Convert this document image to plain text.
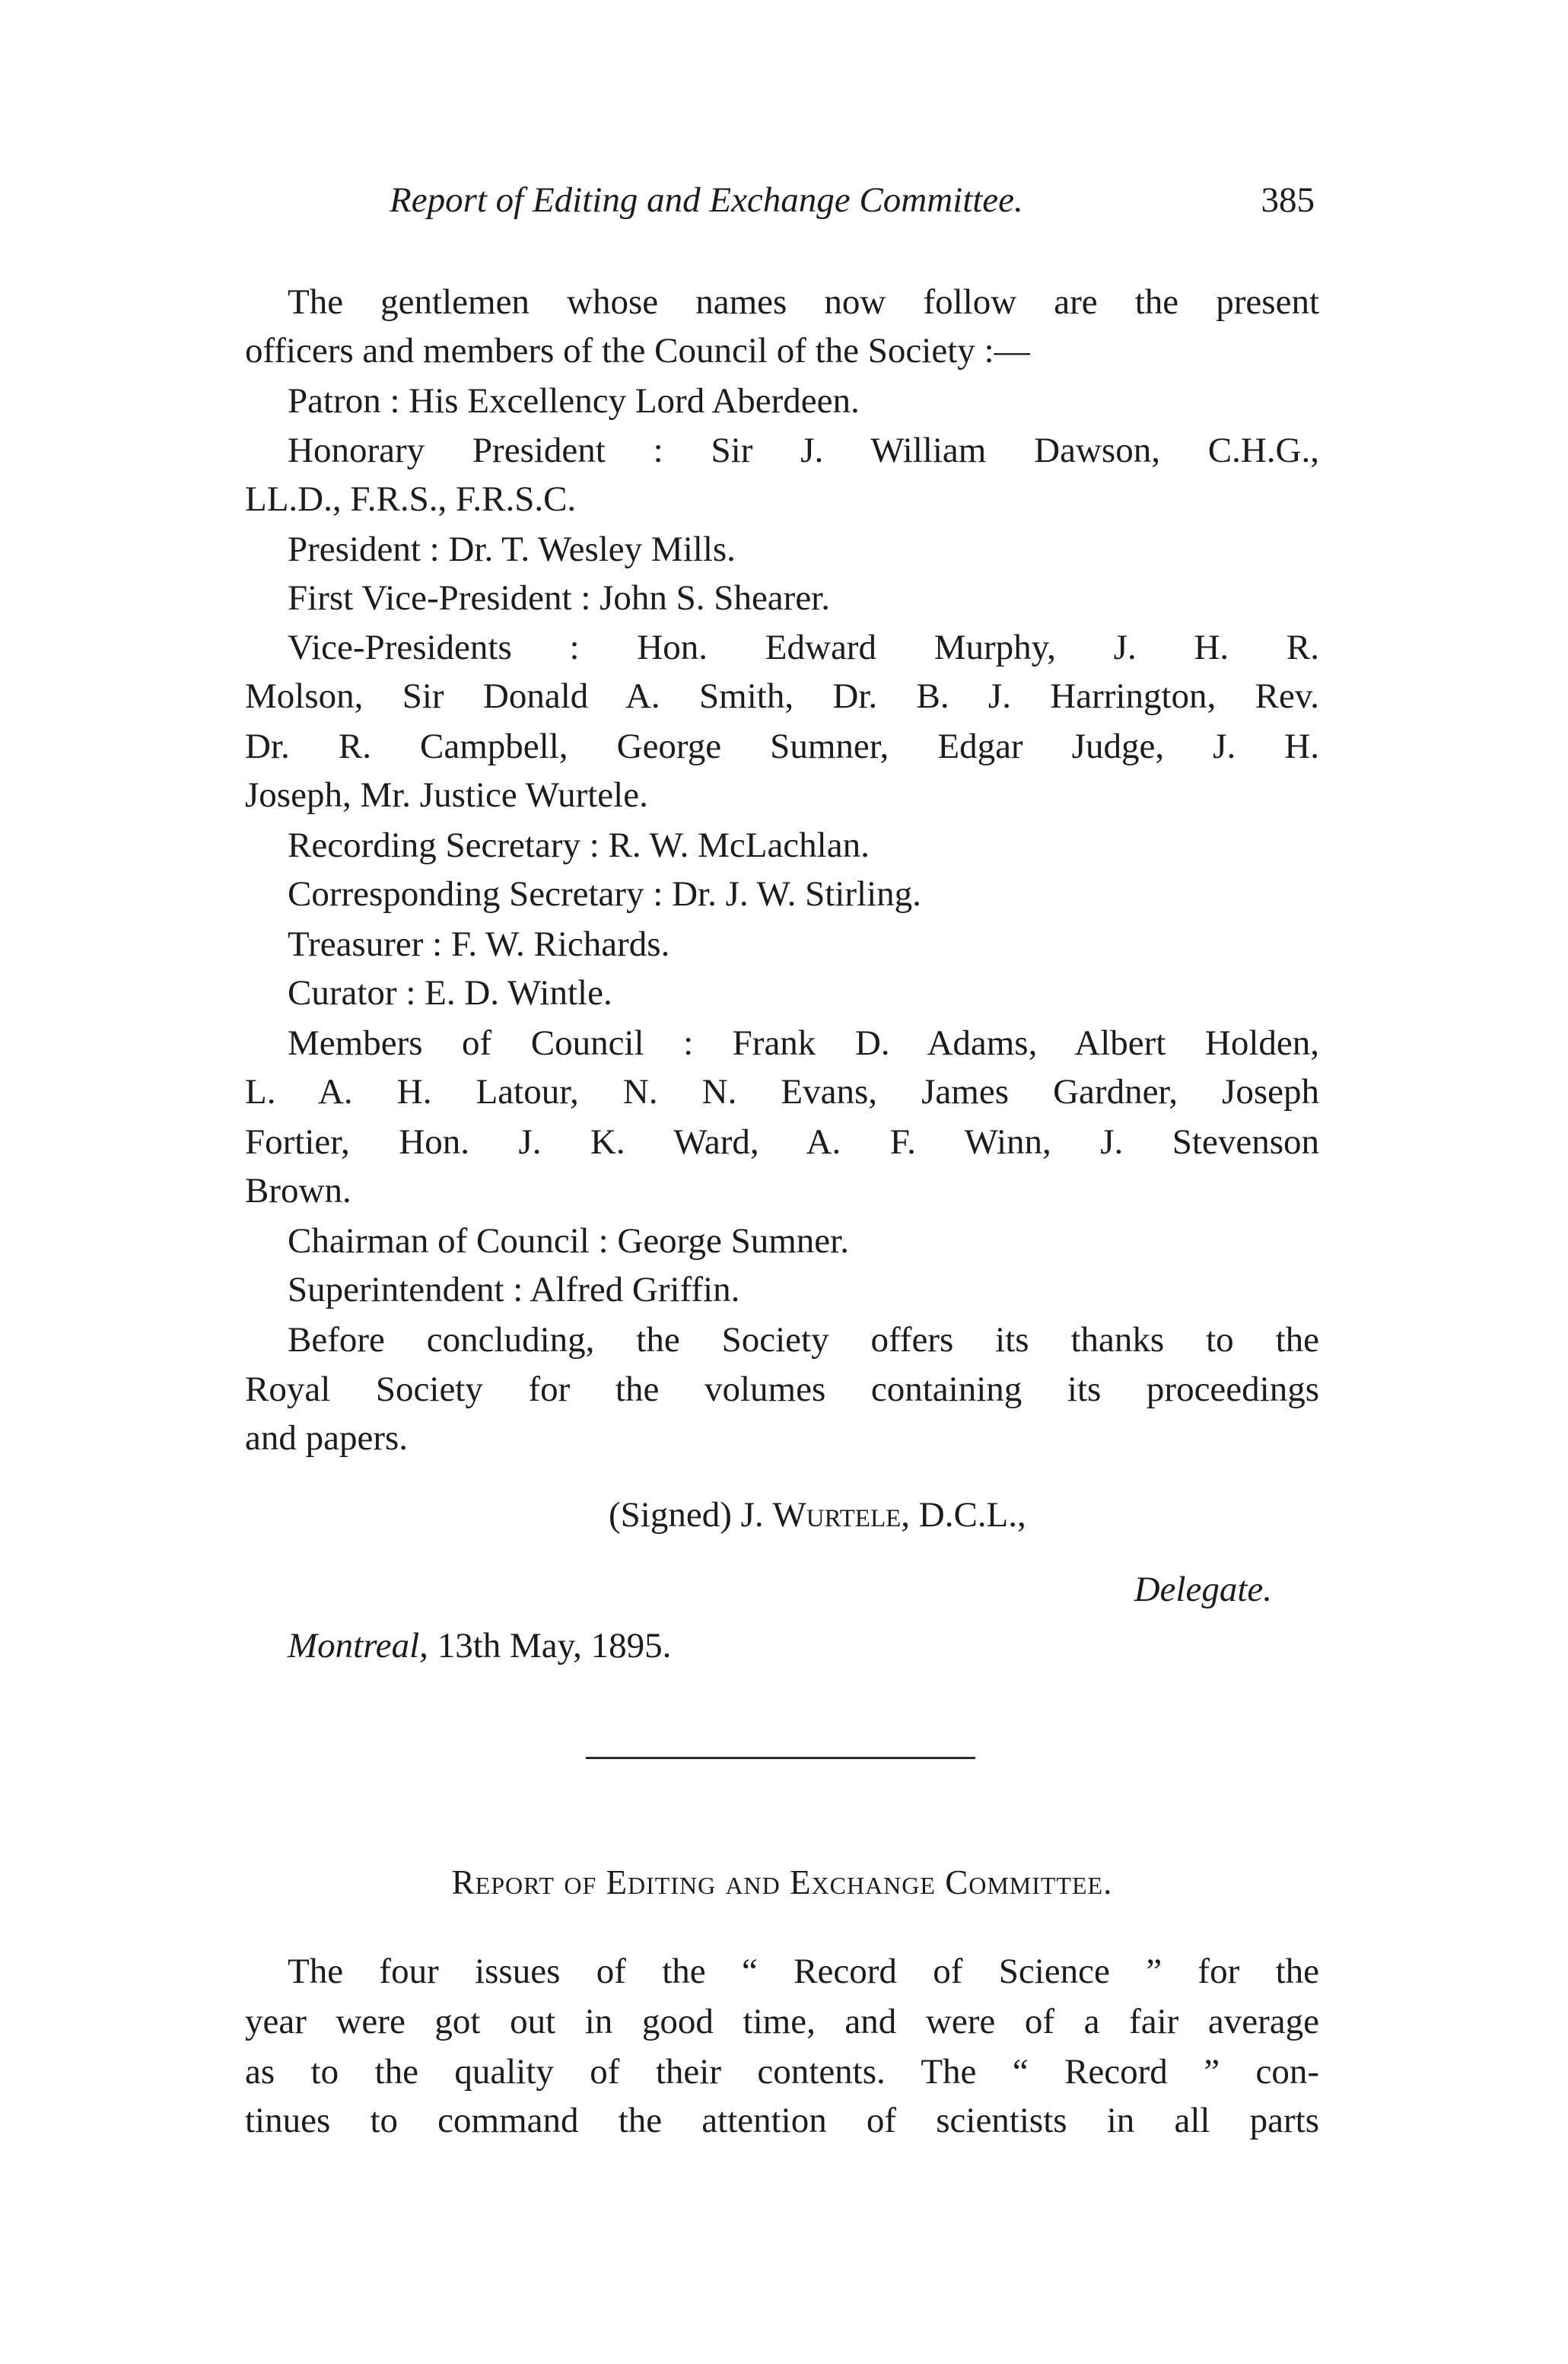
Report of Editing and Exchange Committee.	385
The gentlemen whose names now follow are the present
officers and members of the Council of the Society :—
Patron : His Excellency Lord Aberdeen.
Honorary President : Sir J. William Dawson, C.H.G.,
LL.D., F.R.S., F.R.S.C.
President : Dr. T. Wesley Mills.
First Vice-President : John S. Shearer.
Vice-Presidents : Hon. Edward Murphy, J. H. R.
Molson, Sir Donald A. Smith, Dr. B. J. Harrington, Rev.
Dr. R. Campbell, George Sumner, Edgar Judge, J. H.
Joseph, Mr. Justice Wurtele.
Recording Secretary : R. W. McLachlan.
Corresponding Secretary : Dr. J. W. Stirling.
Treasurer : F. W. Richards.
Curator : E. D. Wintle.
Members of Council : Frank D. Adams, Albert Holden,
L. A. H. Latour, N. N. Evans, James Gardner, Joseph
Fortier, Hon. J. K. Ward, A. F. Winn, J. Stevenson
Brown.
Chairman of Council : George Sumner.
Superintendent : Alfred Griffin.
Before concluding, the Society offers its thanks to the
Royal Society for the volumes containing its proceedings
and papers.
(Signed) J. Wurtele, D.C.L.,
Delegate.
Montreal, 13th May, 1895.
Report of Editing and Exchange Committee.
The four issues of the “ Record of Science ” for the
year were got out in good time, and were of a fair average
as to the quality of their contents. The “ Record ” con-
tinues to command the attention of scientists in all parts
